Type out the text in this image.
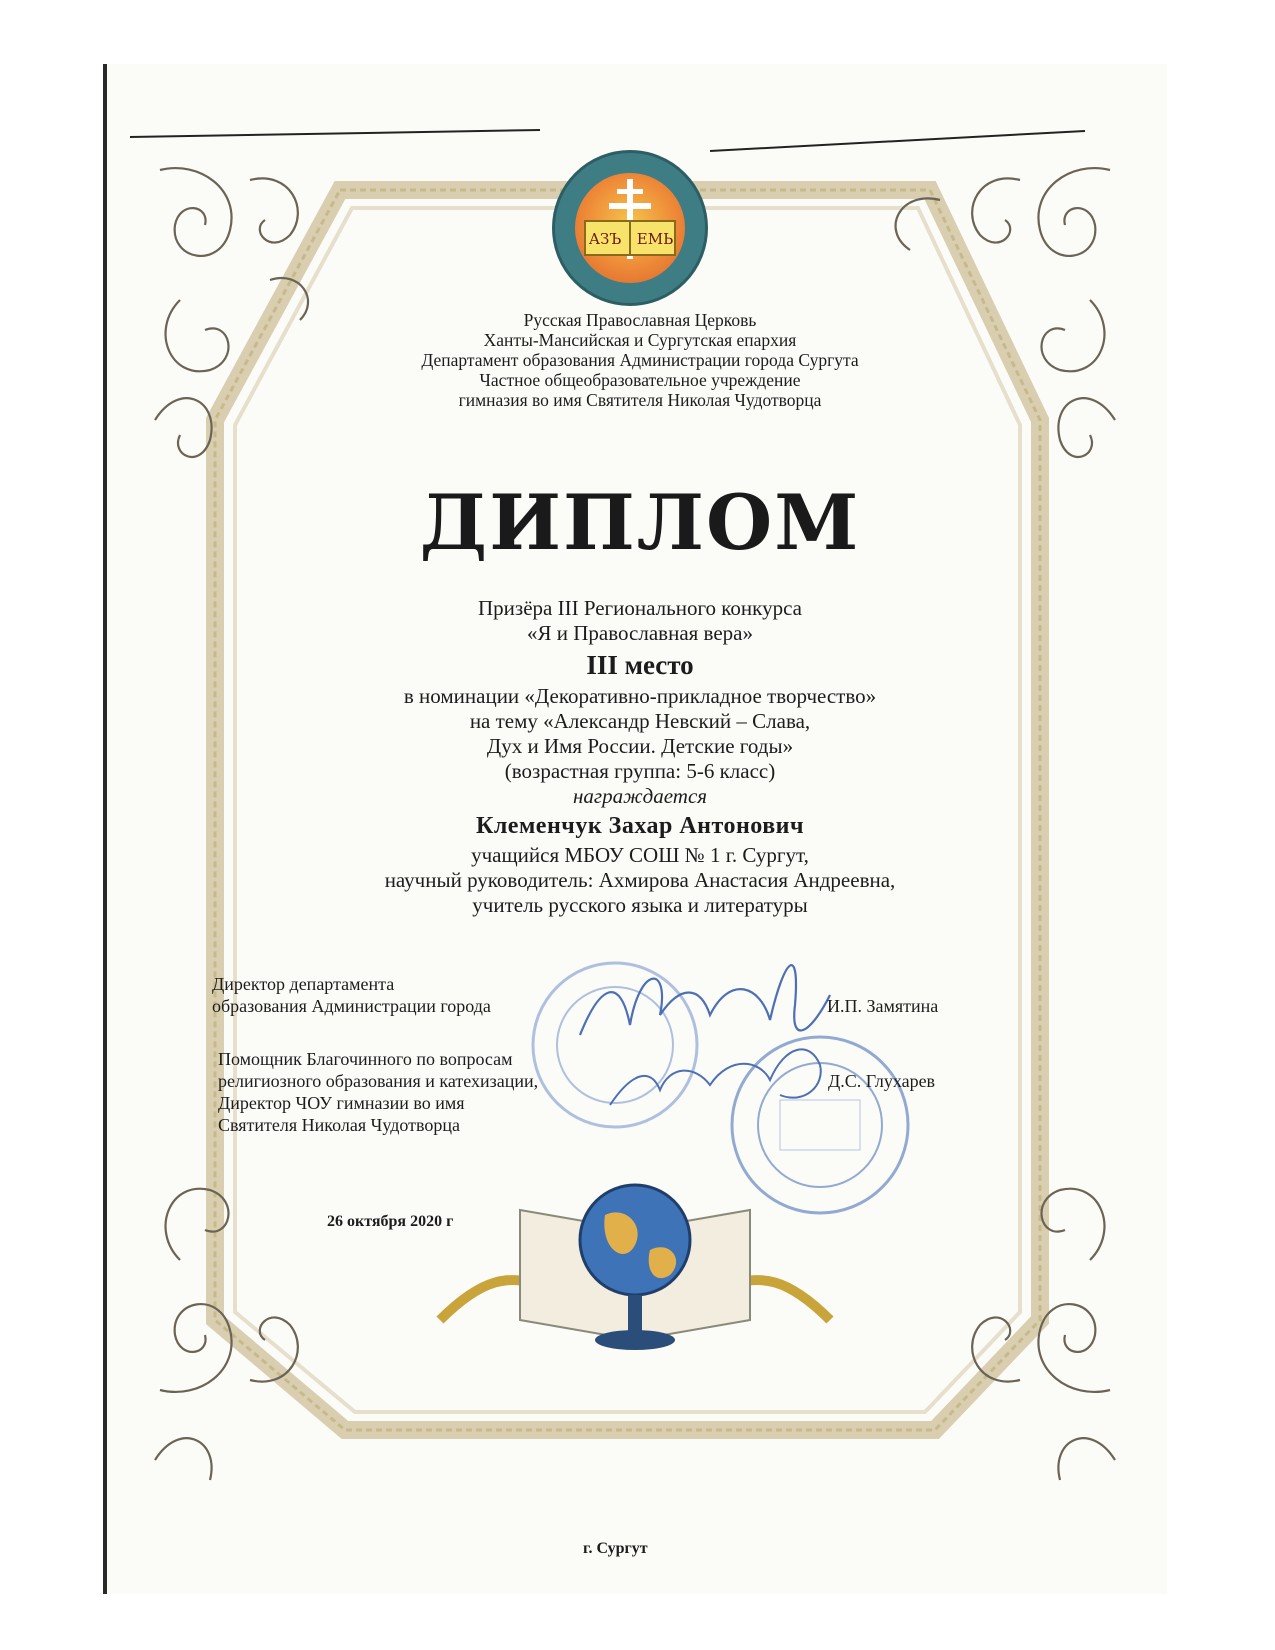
АЗЪ ЕМЬ
Русская Православная Церковь
Ханты-Мансийская и Сургутская епархия
Департамент образования Администрации города Сургута
Частное общеобразовательное учреждение
гимназия во имя Святителя Николая Чудотворца
ДИПЛОМ
Призёра III Регионального конкурса
«Я и Православная вера»
III место
в номинации «Декоративно-прикладное творчество»
на тему «Александр Невский – Слава,
Дух и Имя России. Детские годы»
(возрастная группа: 5-6 класс)
награждается
Клеменчук Захар Антонович
учащийся МБОУ СОШ № 1 г. Сургут,
научный руководитель: Ахмирова Анастасия Андреевна,
учитель русского языка и литературы
Директор департамента
образования Администрации города	И.П. Замятина
Помощник Благочинного по вопросам
религиозного образования и катехизации,
Директор ЧОУ гимназии во имя
Святителя Николая Чудотворца
Д.С. Глухарев
26 октября 2020 г
г. Сургут
